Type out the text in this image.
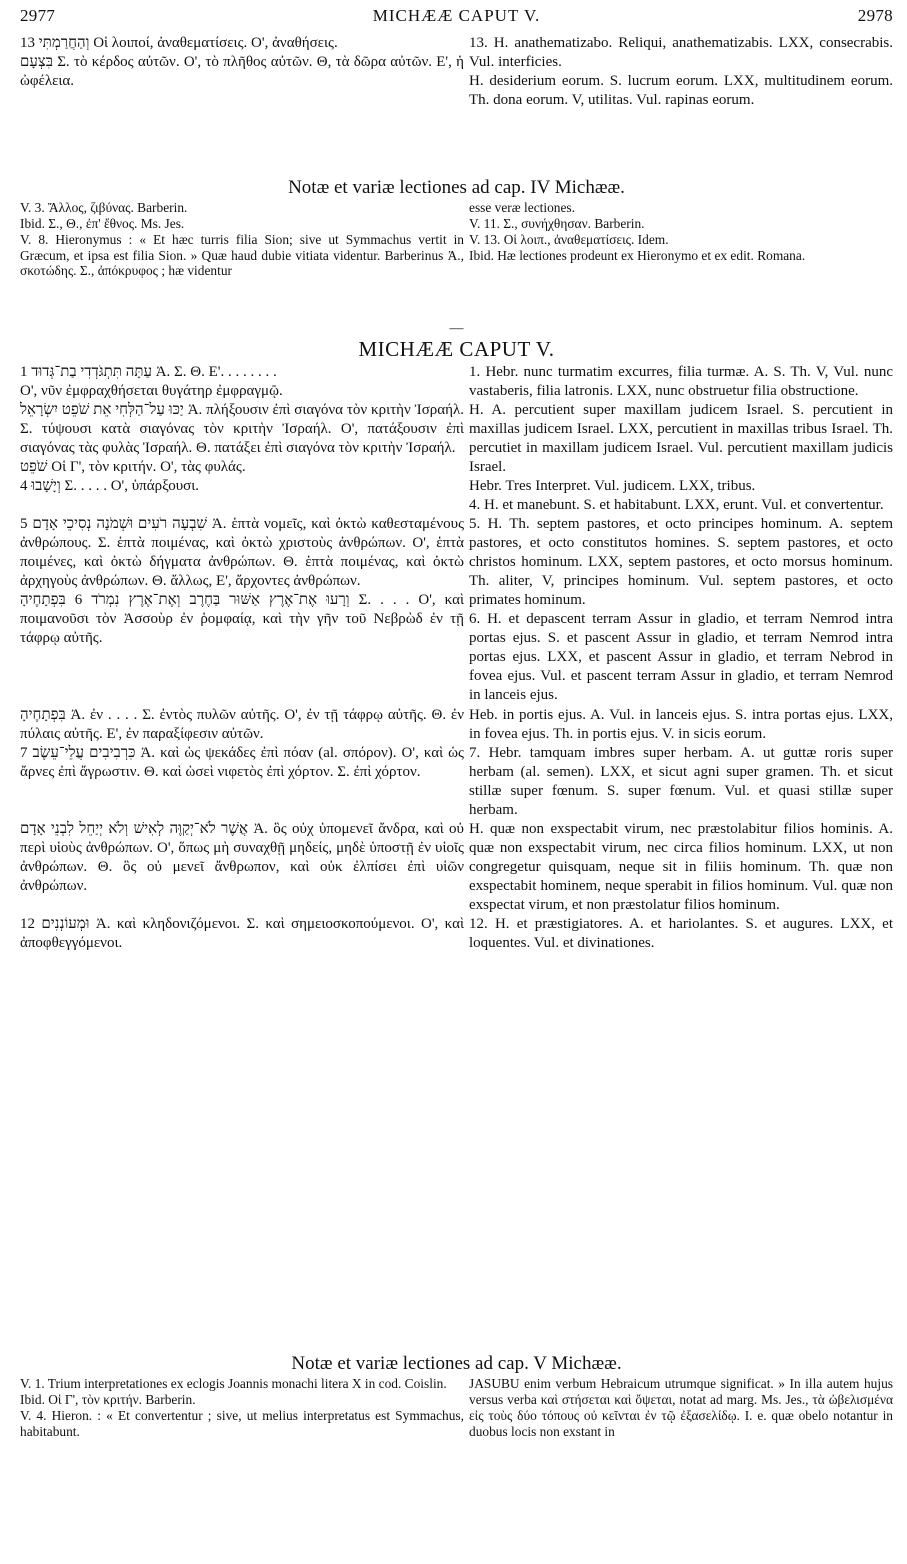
2977	MICHÆÆ CAPUT V.	2978

וְהַחֲרַמְתִּי 13 Οἱ λοιποί, ἀναθεματίσεις. Ο', ἀναθήσεις.

בִּצְעָם Σ. τὸ κέρδος αὐτῶν. Ο', τὸ πλῆθος αὐτῶν. Θ, τὰ δῶρα αὐτῶν. Ε', ἡ ὠφέλεια.

13. H. anathematizabo. Reliqui, anathematizabis. LXX, consecrabis. Vul. interficies.

H. desiderium eorum. S. lucrum eorum. LXX, multitudinem eorum. Th. dona eorum. V, utilitas. Vul. rapinas eorum.

Notæ et variæ lectiones ad cap. IV Michææ.

V. 3. Ἄλλος, ζιβύνας. Barberin.

Ibid. Σ., Θ., ἐπ' ἔθνος. Ms. Jes.

V. 8. Hieronymus : « Et hæc turris filia Sion; sive ut Symmachus vertit in Græcum, et ipsa est filia Sion. » Quæ haud dubie vitiata videntur. Barberinus Ἀ., σκοτώδης. Σ., ἀπόκρυφος ; hæ videntur

esse veræ lectiones.

V. 11. Σ., συνήχθησαν. Barberin.

V. 13. Οἱ λοιπ., ἀναθεματίσεις. Idem.

Ibid. Hæ lectiones prodeunt ex Hieronymo et ex edit. Romana.

—

MICHÆÆ CAPUT V.

עַתָּה תִּתְגֹּדְדִי בַת־גְּדוּד 1 Ἀ. Σ. Θ. Ε'. . . . . . . .

Ο', νῦν ἐμφραχθήσεται θυγάτηρ ἐμφραγμῷ.

1. Hebr. nunc turmatim excurres, filia turmæ. A. S. Th. V, Vul. nunc vastaberis, filia latronis. LXX, nunc obstruetur filia obstructione.

יַכּוּ עַל־הַלְּחִי אֵת שֹׁפֵט יִשְׂרָאֵל Ἀ. πλήξουσιν ἐπὶ σιαγόνα τὸν κριτὴν Ἰσραήλ. Σ. τύψουσι κατὰ σιαγόνας τὸν κριτὴν Ἰσραήλ. Ο', πατάξουσιν ἐπὶ σιαγόνας τὰς φυλὰς Ἰσραήλ. Θ. πατάξει ἐπὶ σιαγόνα τὸν κριτὴν Ἰσραήλ.

שֹׁפֵט Οἱ Γ', τὸν κριτήν. Ο', τὰς φυλάς.

וְיָשָׁבוּ 4 Σ. . . . . Ο', ὑπάρξουσι.

H. A. percutient super maxillam judicem Israel. S. percutient in maxillas judicem Israel. LXX, percutient in maxillas tribus Israel. Th. percutiet in maxillam judicem Israel. Vul. percutient maxillam judicis Israel.

Hebr. Tres Interpret. Vul. judicem. LXX, tribus.

4. H. et manebunt. S. et habitabunt. LXX, erunt. Vul. et convertentur.

שִׁבְעָה רֹעִים וּשְׁמֹנָה נְסִיכֵי אָדָם 5 Ἀ. ἑπτὰ νομεῖς, καὶ ὀκτὼ καθεσταμένους ἀνθρώπους. Σ. ἑπτὰ ποιμένας, καὶ ὀκτὼ χριστοὺς ἀνθρώπων. Ο', ἑπτὰ ποιμένες, καὶ ὀκτὼ δήγματα ἀνθρώπων. Θ. ἑπτὰ ποιμένας, καὶ ὀκτὼ ἀρχηγοὺς ἀνθρώπων. Θ. ἄλλως, Ε', ἄρχοντες ἀνθρώπων.

וְרָעוּ אֶת־אֶרֶץ אַשּׁוּר בַּחֶרֶב וְאֶת־אֶרֶץ נִמְרֹד 6 בִּפְתָחֶיהָ Σ. . . . Ο', καὶ ποιμανοῦσι τὸν Ἀσσοὺρ ἐν ῥομφαίᾳ, καὶ τὴν γῆν τοῦ Νεβρὼδ ἐν τῇ τάφρῳ αὐτῆς.

5. H. Th. septem pastores, et octo principes hominum. A. septem pastores, et octo constitutos homines. S. septem pastores, et octo christos hominum. LXX, septem pastores, et octo morsus hominum. Th. aliter, V, principes hominum. Vul. septem pastores, et octo primates hominum.

6. H. et depascent terram Assur in gladio, et terram Nemrod intra portas ejus. S. et pascent Assur in gladio, et terram Nemrod intra portas ejus. LXX, et pascent Assur in gladio, et terram Nebrod in fovea ejus. Vul. et pascent terram Assur in gladio, et terram Nemrod in lanceis ejus.

בִּפְתָחֶיהָ Ἀ. ἐν . . . . Σ. ἐντὸς πυλῶν αὐτῆς. Ο', ἐν τῇ τάφρῳ αὐτῆς. Θ. ἐν πύλαις αὐτῆς. Ε', ἐν παραξίφεσιν αὐτῶν.

כִּרְבִיבִים עֲלֵי־עֵשֶׂב 7 Ἀ. καὶ ὡς ψεκάδες ἐπὶ πόαν (al. σπόρον). Ο', καὶ ὡς ἄρνες ἐπὶ ἄγρωστιν. Θ. καὶ ὡσεὶ νιφετὸς ἐπὶ χόρτον. Σ. ἐπὶ χόρτον.

Heb. in portis ejus. A. Vul. in lanceis ejus. S. intra portas ejus. LXX, in fovea ejus. Th. in portis ejus. V. in sicis eorum.

7. Hebr. tamquam imbres super herbam. A. ut guttæ roris super herbam (al. semen). LXX, et sicut agni super gramen. Th. et sicut stillæ super fœnum. S. super fœnum. Vul. et quasi stillæ super herbam.

אֲשֶׁר לֹא־יְקַוֶּה לְאִישׁ וְלֹא יְיַחֵל לִבְנֵי אָדָם Ἀ. ὃς οὐχ ὑπομενεῖ ἄνδρα, καὶ οὐ περὶ υἱοὺς ἀνθρώπων. Ο', ὅπως μὴ συναχθῇ μηδείς, μηδὲ ὑποστῇ ἐν υἱοῖς ἀνθρώπων. Θ. ὃς οὐ μενεῖ ἄνθρωπον, καὶ οὐκ ἐλπίσει ἐπὶ υἱῶν ἀνθρώπων.

H. quæ non exspectabit virum, nec præstolabitur filios hominis. A. quæ non exspectabit virum, nec circa filios hominum. LXX, ut non congregetur quisquam, neque sit in filiis hominum. Th. quæ non exspectabit hominem, neque sperabit in filios hominum. Vul. quæ non exspectat virum, et non præstolatur filios hominum.

וּמְעוֹנְנִים 12 Ἀ. καὶ κληδονιζόμενοι. Σ. καὶ σημειοσκοπούμενοι. Ο', καὶ ἀποφθεγγόμενοι.

12. H. et præstigiatores. A. et hariolantes. S. et augures. LXX, et loquentes. Vul. et divinationes.

Notæ et variæ lectiones ad cap. V Michææ.

V. 1. Trium interpretationes ex eclogis Joannis monachi litera X in cod. Coislin.

Ibid. Οἱ Γ', τὸν κριτήν. Barberin.

V. 4. Hieron. : « Et convertentur ; sive, ut melius interpretatus est Symmachus, habitabunt.

JASUBU enim verbum Hebraicum utrumque significat. » In illa autem hujus versus verba καὶ στήσεται καὶ ὄψεται, notat ad marg. Ms. Jes., τὰ ὠβελισμένα εἰς τοὺς δύο τόπους οὐ κεῖνται ἐν τῷ ἐξασελίδῳ. I. e. quæ obelo notantur in duobus locis non exstant in
